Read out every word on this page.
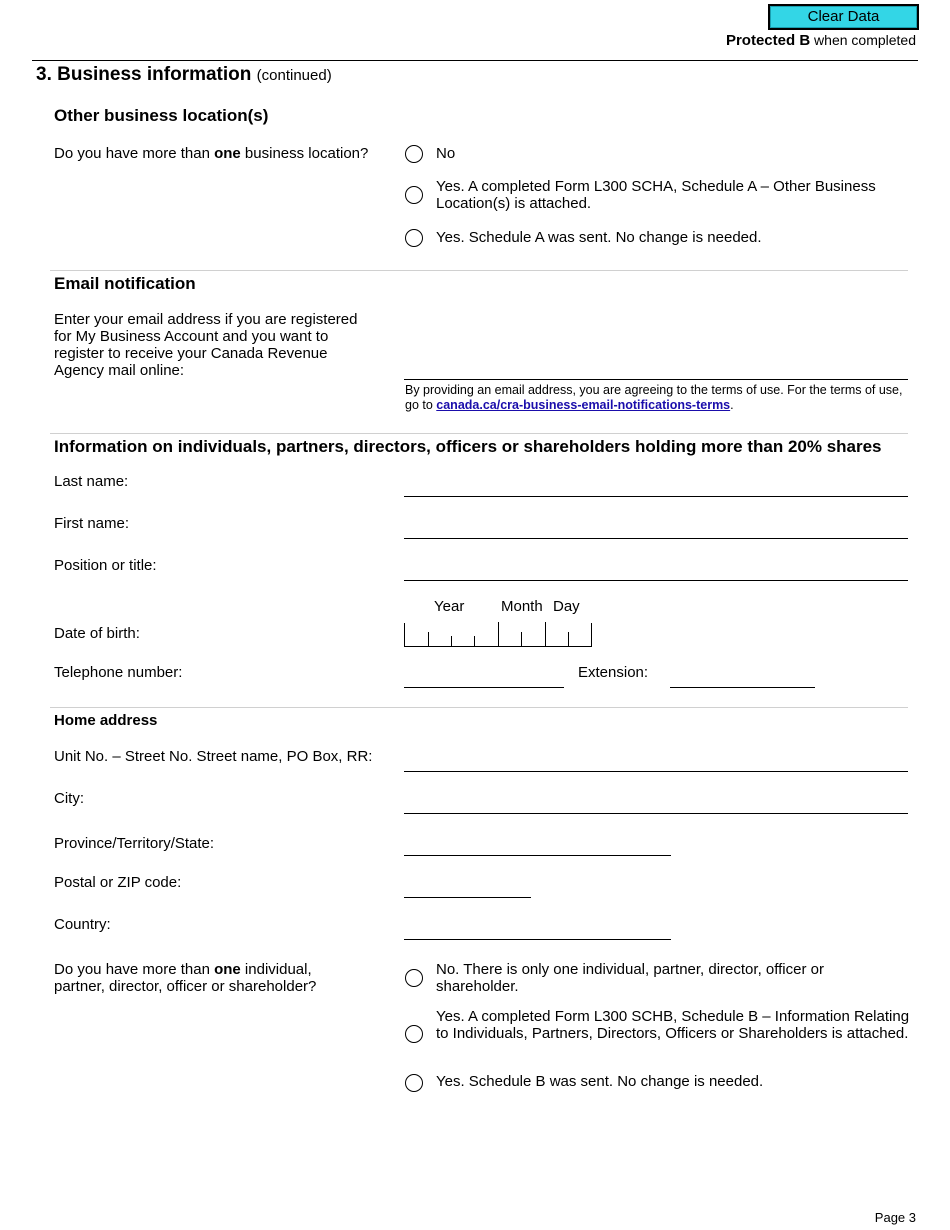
Clear Data
Protected B when completed
3. Business information (continued)
Other business location(s)
Do you have more than one business location?	No
Yes. A completed Form L300 SCHA, Schedule A – Other Business Location(s) is attached.
Yes. Schedule A was sent. No change is needed.
Email notification
Enter your email address if you are registered for My Business Account and you want to register to receive your Canada Revenue Agency mail online:
By providing an email address, you are agreeing to the terms of use. For the terms of use, go to canada.ca/cra-business-email-notifications-terms.
Information on individuals, partners, directors, officers or shareholders holding more than 20% shares
Last name:
First name:
Position or title:
Year Month Day
Date of birth:
Telephone number:	Extension:
Home address
Unit No. – Street No. Street name, PO Box, RR:
City:
Province/Territory/State:
Postal or ZIP code:
Country:
Do you have more than one individual, partner, director, officer or shareholder?
No. There is only one individual, partner, director, officer or shareholder.
Yes. A completed Form L300 SCHB, Schedule B – Information Relating to Individuals, Partners, Directors, Officers or Shareholders is attached.
Yes. Schedule B was sent. No change is needed.
Page 3
